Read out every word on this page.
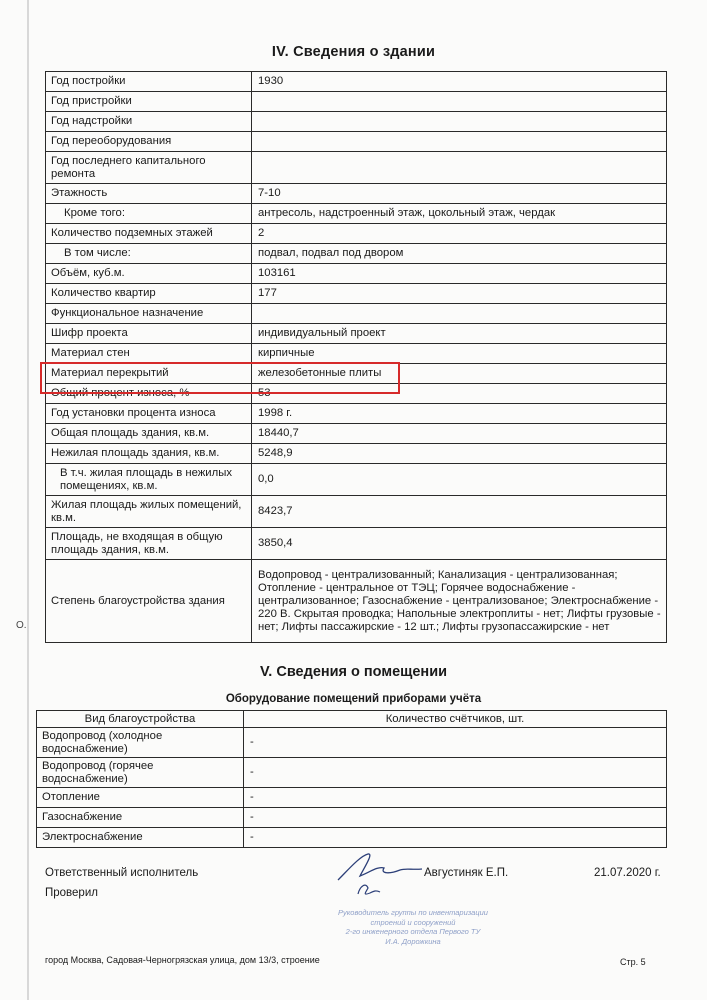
О.
IV. Сведения о здании
Год постройки	1930
Год пристройки	
Год надстройки	
Год переоборудования	
Год последнего капитального ремонта	
Этажность	7-10
Кроме того:	антресоль, надстроенный этаж, цокольный этаж, чердак
Количество подземных этажей	2
В том числе:	подвал, подвал под двором
Объём, куб.м.	103161
Количество квартир	177
Функциональное назначение	
Шифр проекта	индивидуальный проект
Материал стен	кирпичные
Материал перекрытий	железобетонные плиты
Общий процент износа, %	53
Год установки процента износа	1998 г.
Общая площадь здания, кв.м.	18440,7
Нежилая площадь здания, кв.м.	5248,9
В т.ч. жилая площадь в нежилых помещениях, кв.м.	0,0
Жилая площадь жилых помещений, кв.м.	8423,7
Площадь, не входящая в общую площадь здания, кв.м.	3850,4
Степень благоустройства здания	Водопровод - централизованный; Канализация - централизованная; Отопление - центральное от ТЭЦ; Горячее водоснабжение - централизованное; Газоснабжение - централизованое; Электроснабжение - 220 В. Скрытая проводка; Напольные электроплиты - нет; Лифты грузовые - нет; Лифты пассажирские - 12 шт.; Лифты грузопассажирские - нет
V. Сведения о помещении
Оборудование помещений приборами учёта
Вид благоустройства	Количество счётчиков, шт.
Водопровод (холодное водоснабжение)	-
Водопровод (горячее водоснабжение)	-
Отопление	-
Газоснабжение	-
Электроснабжение	-
Ответственный исполнитель	Августиняк Е.П.	21.07.2020 г.
Проверил
Руководитель группы по инвентаризации
строений и сооружений
2-го инженерного отдела Первого ТУ
И.А. Дорожкина
город Москва, Садовая-Черногрязская улица, дом 13/3, строение	Стр. 5
